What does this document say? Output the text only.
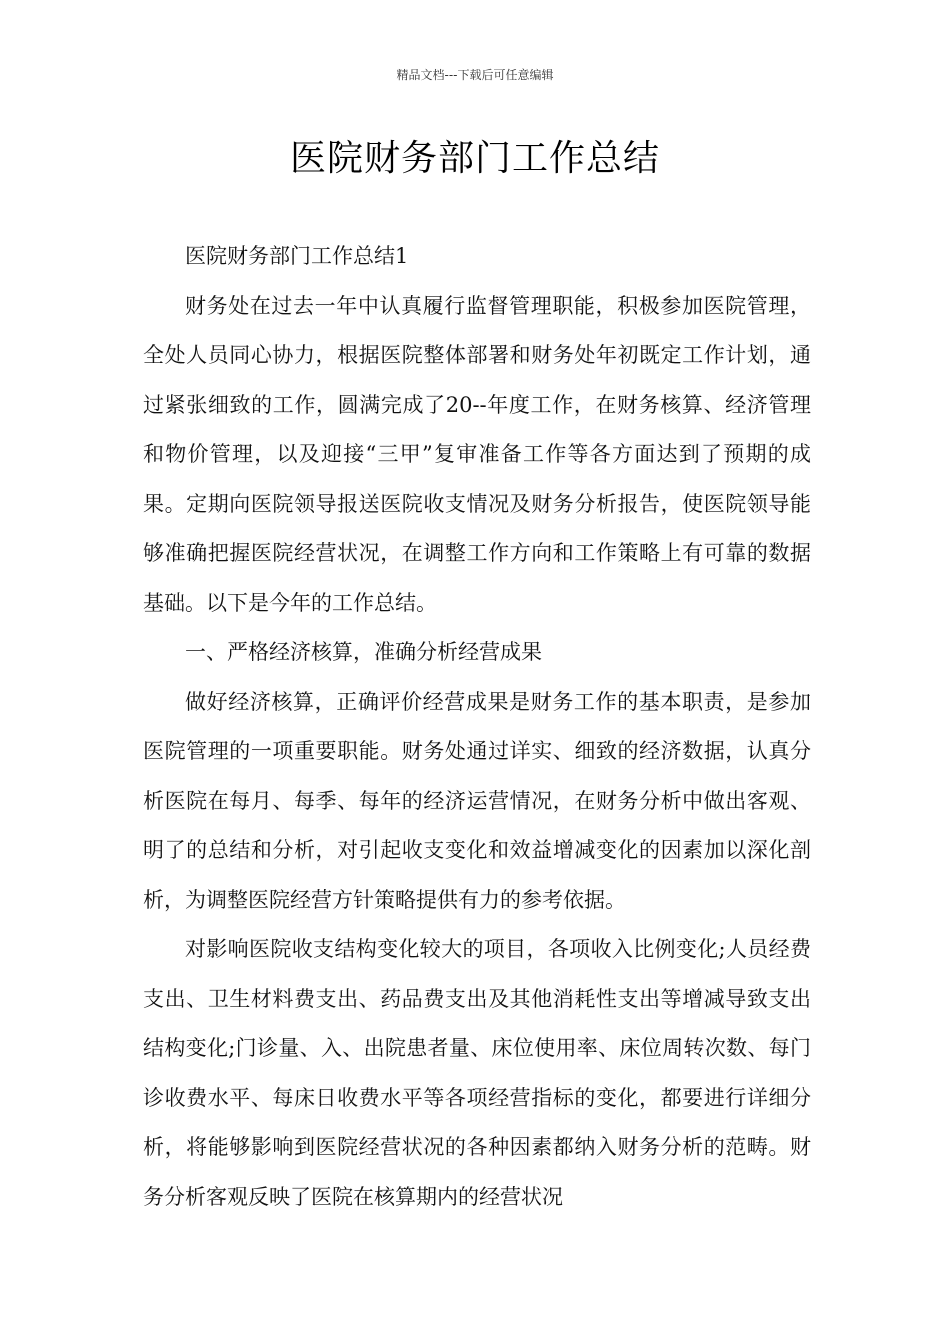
精品文档---下载后可任意编辑
医院财务部门工作总结

医院财务部门工作总结1

财务处在过去一年中认真履行监督管理职能，积极参加医院管理，全处人员同心协力，根据医院整体部署和财务处年初既定工作计划，通过紧张细致的工作，圆满完成了20--年度工作，在财务核算、经济管理和物价管理，以及迎接“三甲”复审准备工作等各方面达到了预期的成果。定期向医院领导报送医院收支情况及财务分析报告，使医院领导能够准确把握医院经营状况，在调整工作方向和工作策略上有可靠的数据基础。以下是今年的工作总结。

一、严格经济核算，准确分析经营成果

做好经济核算，正确评价经营成果是财务工作的基本职责，是参加医院管理的一项重要职能。财务处通过详实、细致的经济数据，认真分析医院在每月、每季、每年的经济运营情况，在财务分析中做出客观、明了的总结和分析，对引起收支变化和效益增减变化的因素加以深化剖析，为调整医院经营方针策略提供有力的参考依据。

对影响医院收支结构变化较大的项目，各项收入比例变化;人员经费支出、卫生材料费支出、药品费支出及其他消耗性支出等增减导致支出结构变化;门诊量、入、出院患者量、床位使用率、床位周转次数、每门诊收费水平、每床日收费水平等各项经营指标的变化，都要进行详细分析，将能够影响到医院经营状况的各种因素都纳入财务分析的范畴。财务分析客观反映了医院在核算期内的经营状况
